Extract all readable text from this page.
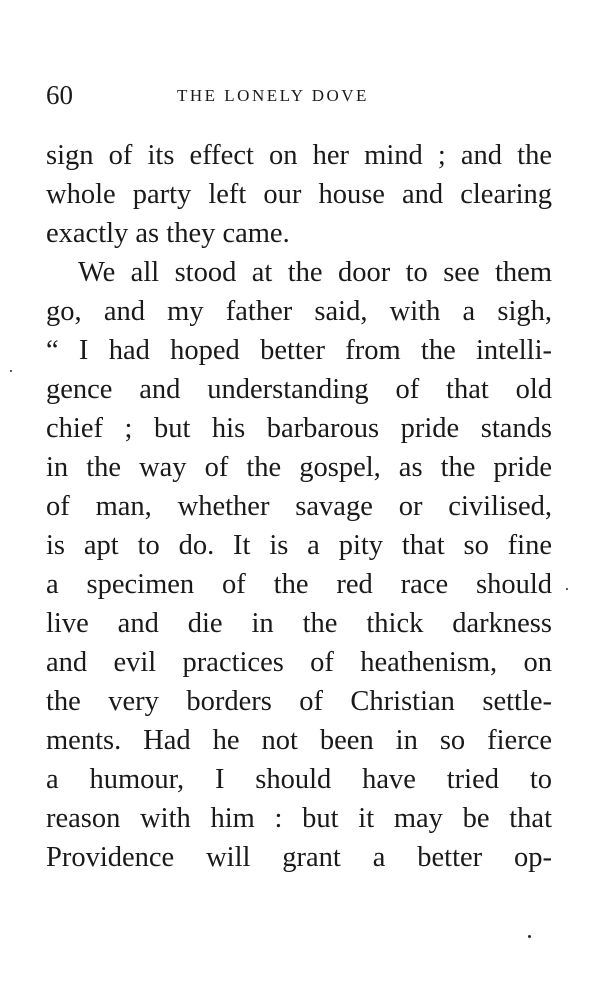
60	THE LONELY DOVE
sign of its effect on her mind ; and the
whole party left our house and clearing
exactly as they came.
We all stood at the door to see them
go, and my father said, with a sigh,
“ I had hoped better from the intelli-
gence and understanding of that old
chief ; but his barbarous pride stands
in the way of the gospel, as the pride
of man, whether savage or civilised,
is apt to do. It is a pity that so fine
a specimen of the red race should
live and die in the thick darkness
and evil practices of heathenism, on
the very borders of Christian settle-
ments. Had he not been in so fierce
a humour, I should have tried to
reason with him : but it may be that
Providence will grant a better op-
